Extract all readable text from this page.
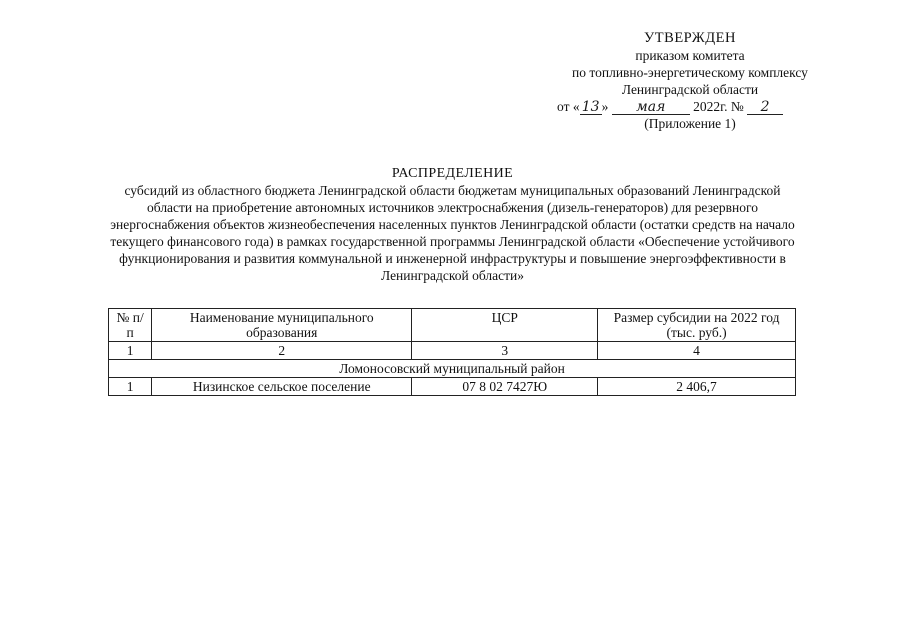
УТВЕРЖДЕН
приказом комитета
по топливно-энергетическому комплексу
Ленинградской области
от « 13 » мая 2022г. № 2
(Приложение 1)
РАСПРЕДЕЛЕНИЕ
субсидий из областного бюджета Ленинградской области бюджетам муниципальных образований Ленинградской
области на приобретение автономных источников электроснабжения (дизель-генераторов) для резервного
энергоснабжения объектов жизнеобеспечения населенных пунктов Ленинградской области (остатки средств на начало
текущего финансового года) в рамках государственной программы Ленинградской области «Обеспечение устойчивого
функционирования и развития коммунальной и инженерной инфраструктуры и повышение энергоэффективности в
Ленинградской области»
№ п/п	Наименование муниципального образования	ЦСР	Размер субсидии на 2022 год (тыс. руб.)
1	2	3	4
Ломоносовский муниципальный район			
1	Низинское сельское поселение	07 8 02 7427Ю	2 406,7
